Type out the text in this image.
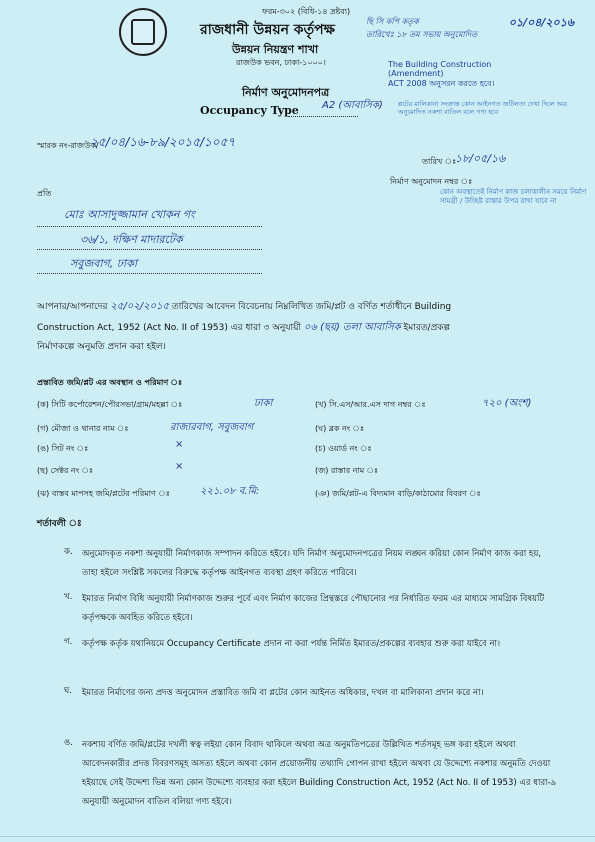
ফরম-৩০২ (বিধি-১৪ দ্রষ্টব্য)
রাজধানী উন্নয়ন কর্তৃপক্ষ
উন্নয়ন নিয়ন্ত্রণ শাখা
রাজউক ভবন, ঢাকা-১০০০।
নির্মাণ অনুমোদনপত্র
Occupancy Type A2 (আবাসিক)
ছি সি কপি কতৃক
তারিখেঃ ১৮ তম সভায় অনুমোদিত
০১/০৪/২০১৬
The Building Construction (Amendment)
ACT 2008 অনুসরন করতে হবে।
প্লটের মালিকানা সংক্রান্ত কোন আইনগত জটিলতা দেখা দিলে অত্র অনুমোদিত নকশা বাতিল বলে গণ্য হবে
স্মারক নং-রাজউক/
২৫/০৪/১৬-৮৯/২০১৫/১০৫৭
তারিখ ঃ
১৮/০৫/১৬
নির্মাণ অনুমোদন নম্বর ঃ
কোন অবস্থাতেই নির্মাণ কাজ চলাকালীন সময়ে নির্মাণ সামগ্রী / উচ্ছিষ্ট রাস্তার উপর রাখা যাবে না
প্রতি
মোঃ আসাদুজ্জামান খোকন গং
৩৬/১, দক্ষিণ মাদারটেক
সবুজবাগ, ঢাকা
আপনার/আপনাদের ২৫/০২/২০১৫ তারিখের আবেদন বিবেচনায় নিম্নলিখিত জমি/প্লট ও বর্ণিত শর্তাধীনে Building
Construction Act, 1952 (Act No. II of 1953) এর ধারা ৩ অনুযায়ী ০৬ (ছয়) তলা আবাসিক ইমারত/প্রকল্প
নির্মাণকল্পে অনুমতি প্রদান করা হইল।
প্রস্তাবিত জমি/প্লট এর অবস্থান ও পরিমাণ ঃ
(ক) সিটি কর্পোরেশন/পৌরসভা/গ্রাম/মহল্লা ঃ	ঢাকা	(খ) সি.এস/আর.এস দাগ নম্বর ঃ	৭২০ (অংশ)
(গ) মৌজা ও থানার নাম ঃ	রাজারবাগ, সবুজবাগ	(ঘ) ব্লক নং ঃ
(ঙ) সিট নং ঃ	×	(চ) ওয়ার্ড নং ঃ
(ছ) সেক্টর নং ঃ	×	(জ) রাস্তার নাম ঃ
(ঝ) বাস্তব মাপসহ জমি/প্লটের পরিমাণ ঃ	২২১.০৮ ব.মি:	(ঞ) জমি/প্লট-এ বিদ্যমান বাড়ি/কাঠামোর বিবরণ ঃ
শর্তাবলী ঃ
ক. অনুমোদকৃত নকশা অনুযায়ী নির্মাণকাজ সম্পাদন করিতে হইবে। যদি নির্মাণ অনুমোদনপত্রের নিয়ম লঙ্ঘন করিয়া কোন নির্মাণ কাজ করা হয়, তাহা হইলে সংশ্লিষ্ট সকলের বিরুদ্ধে কর্তৃপক্ষ আইনগত ব্যবস্থা গ্রহণ করিতে পারিবে।
খ. ইমারত নির্মাণ বিধি অনুযায়ী নির্মাণকাজ শুরুর পূর্বে এবং নির্মাণ কাজের প্রিন্থস্তরে পৌছানোর পর নির্ধারিত ফরম এর মাধ্যমে সামগ্রিক বিষয়টি কর্তৃপক্ষকে অবহিত করিতে হইবে।
গ. কর্তৃপক্ষ কর্তৃক যথানিয়মে Occupancy Certificate প্রদান না করা পর্যন্ত নির্মিত ইমারত/প্রকল্পের ব্যবহার শুরু করা যাইবে না।
ঘ. ইমারত নির্মাণের জন্য প্রদত্ত অনুমোদন প্রস্তাবিত জমি বা প্লটের কোন আইনত অধিকার, দখল বা মালিকানা প্রদান করে না।
ঙ. নকশায় বর্ণিত জমি/প্লটের দখলী স্বত্ব লইয়া কোন বিবাদ থাকিলে অথবা অত্র অনুমতিপত্রের উল্লিখিত শর্তসমূহ ভঙ্গ করা হইলে অথবা আবেদনকারীর প্রদত্ত বিবরণসমূহ অসত্য হইলে অথবা কোন প্রয়োজনীয় তথ্যাদি গোপন রাখা হইলে অথবা যে উদ্দেশ্যে নকশার অনুমতি দেওয়া হইয়াছে সেই উদ্দেশ্য ভিন্ন অন্য কোন উদ্দেশ্যে ব্যবহার করা হইলে Building Construction Act, 1952 (Act No. II of 1953) এর ধারা-৯ অনুযায়ী অনুমোদন বাতিল বলিয়া গণ্য হইবে।
